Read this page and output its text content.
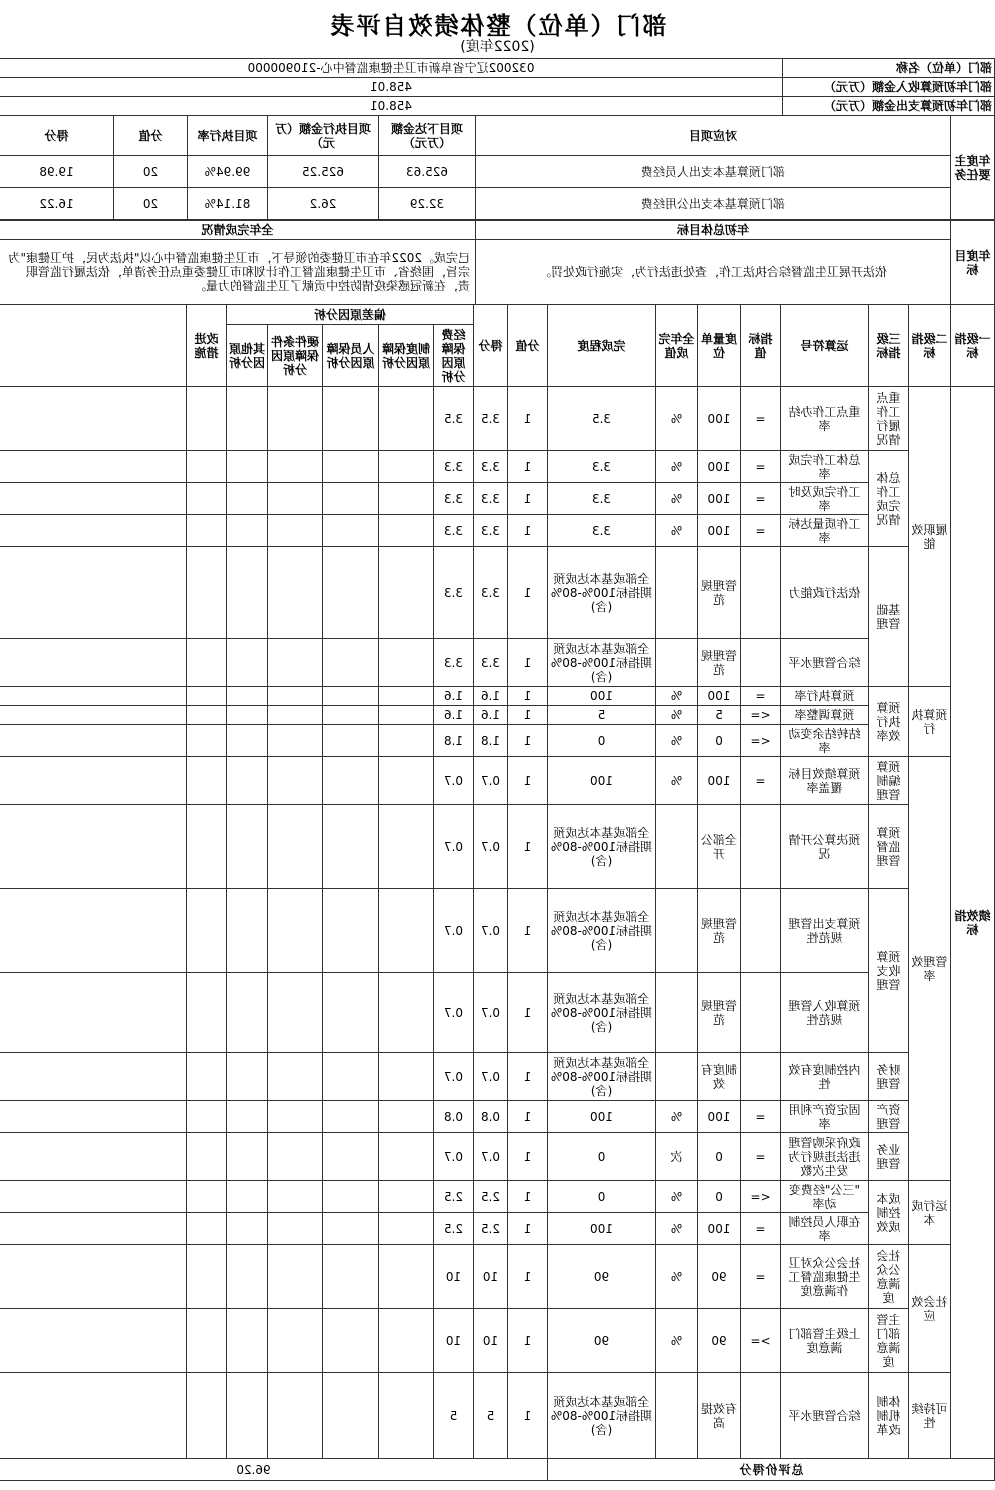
部门（单位）整体绩效自评表
(2022年度)
部门（单位）名称	032002辽宁省阜新市卫生健康监督中心-210900000
部门年初预算收入金额（万元）	458.01
部门年初预算支出金额（万元）	458.01
年度主要任务	对应项目	项目下达金额（万元）	项目执行金额（万元）	项目执行率	分值	得分
	部门预算基本支出人员经费	625.63	625.25	99.94%	20	19.98
	部门预算基本支出公用经费	32.29	26.2	81.14%	20	16.22
年度目标	年初总体目标	全年完成情况
	依法开展卫生监督综合执法工作，查处违法行为，实施行政处罚。	已完成。2022年在市卫健委的领导下，市卫生健康监督中心以"执法为民，护卫健康"为宗旨，围绕省、市卫生健康监督工作计划和市卫健委重点任务清单，依法履行监管职责，在新冠感染疫情防控中贡献了卫生监督的力量。
一级指标	二级指标	三级指标	运算符号	指标值	度量单位	全年完成值	完成程度	分值	得分	偏差原因分析					改进措施	
										经费保障原因分析	制度保障原因分析	人员保障原因分析	硬件条件保障原因分析	其他原因分析		
绩效指标	履职效能	重点工作履行情况	重点工作办结率	=	100	%	3.5	1	3.5	3.5						
		总体工作完成情况	总体工作完成率	=	100	%	3.3	1	3.3	3.3						
			工作完成及时率	=	100	%	3.3	1	3.3	3.3						
			工作质量达标率	=	100	%	3.3	1	3.3	3.3						
		基础管理	依法行政能力		管理规范		全部或基本达成预期指标100%-80%(含)	1	3.3	3.3						
			综合管理水平		管理规范		全部或基本达成预期指标100%-80%(含)	1	3.3	3.3						
	预算执行	预算执行效率	预算执行率	=	100	%	100	1	1.6	1.6						
			预算调整率	<=	5	%	5	1	1.6	1.6						
			结转结余变动率	<=	0	%	0	1	1.8	1.8						
	管理效率	预算编制管理	预算绩效目标覆盖率	=	100	%	100	1	0.7	0.7						
		预算监督管理	预决算公开情况		全部公开		全部或基本达成预期指标100%-80%(含)	1	0.7	0.7						
		预算收支管理	预算支出管理规范性		管理规范		全部或基本达成预期指标100%-80%(含)	1	0.7	0.7						
			预算收入管理规范性		管理规范		全部或基本达成预期指标100%-80%(含)	1	0.7	0.7						
		财务管理	内控制度有效性		制度有效		全部或基本达成预期指标100%-80%(含)	1	0.7	0.7						
		资产管理	固定资产利用率	=	100	%	100	1	0.8	0.8						
		业务管理	政府采购管理违法违规行为发生次数	=	0	次	0	1	0.7	0.7						
	运行成本	成本控制成效	"三公"经费变动率	<=	0	%	0	1	2.5	2.5						
			在职人员控制率	=	100	%	100	1	2.5	2.5						
	社会效应	社会公众满意度	社会公众对卫生健康监督工作满意度	=	90	%	90	1	10	10						
		主管部门满意度	上级主管部门满意度	>=	90	%	90	1	10	10						
	可持续性	体制机制改革	综合管理水平		有效提高		全部或基本达成预期指标100%-80%(含)	1	5	5						
总评价得分								96.20								
